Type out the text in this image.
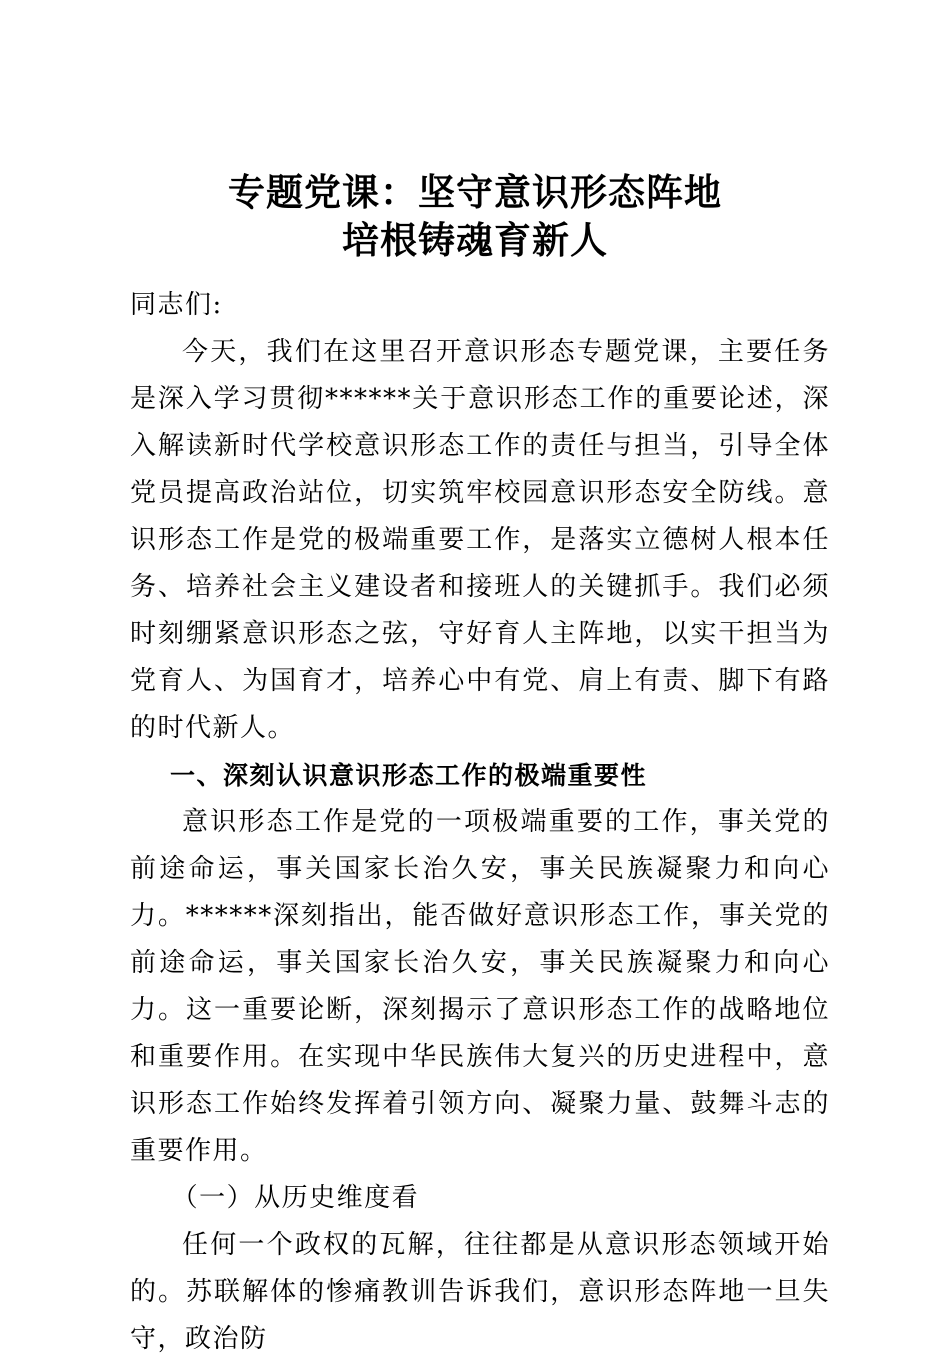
专题党课：坚守意识形态阵地
培根铸魂育新人

同志们:

今天，我们在这里召开意识形态专题党课，主要任务是深入学习贯彻******关于意识形态工作的重要论述，深入解读新时代学校意识形态工作的责任与担当，引导全体党员提高政治站位，切实筑牢校园意识形态安全防线。意识形态工作是党的极端重要工作，是落实立德树人根本任务、培养社会主义建设者和接班人的关键抓手。我们必须时刻绷紧意识形态之弦，守好育人主阵地，以实干担当为党育人、为国育才，培养心中有党、肩上有责、脚下有路的时代新人。

一、深刻认识意识形态工作的极端重要性

意识形态工作是党的一项极端重要的工作，事关党的前途命运，事关国家长治久安，事关民族凝聚力和向心力。******深刻指出，能否做好意识形态工作，事关党的前途命运，事关国家长治久安，事关民族凝聚力和向心力。这一重要论断，深刻揭示了意识形态工作的战略地位和重要作用。在实现中华民族伟大复兴的历史进程中，意识形态工作始终发挥着引领方向、凝聚力量、鼓舞斗志的重要作用。

（一）从历史维度看

任何一个政权的瓦解，往往都是从意识形态领域开始的。苏联解体的惨痛教训告诉我们，意识形态阵地一旦失守，政治防
